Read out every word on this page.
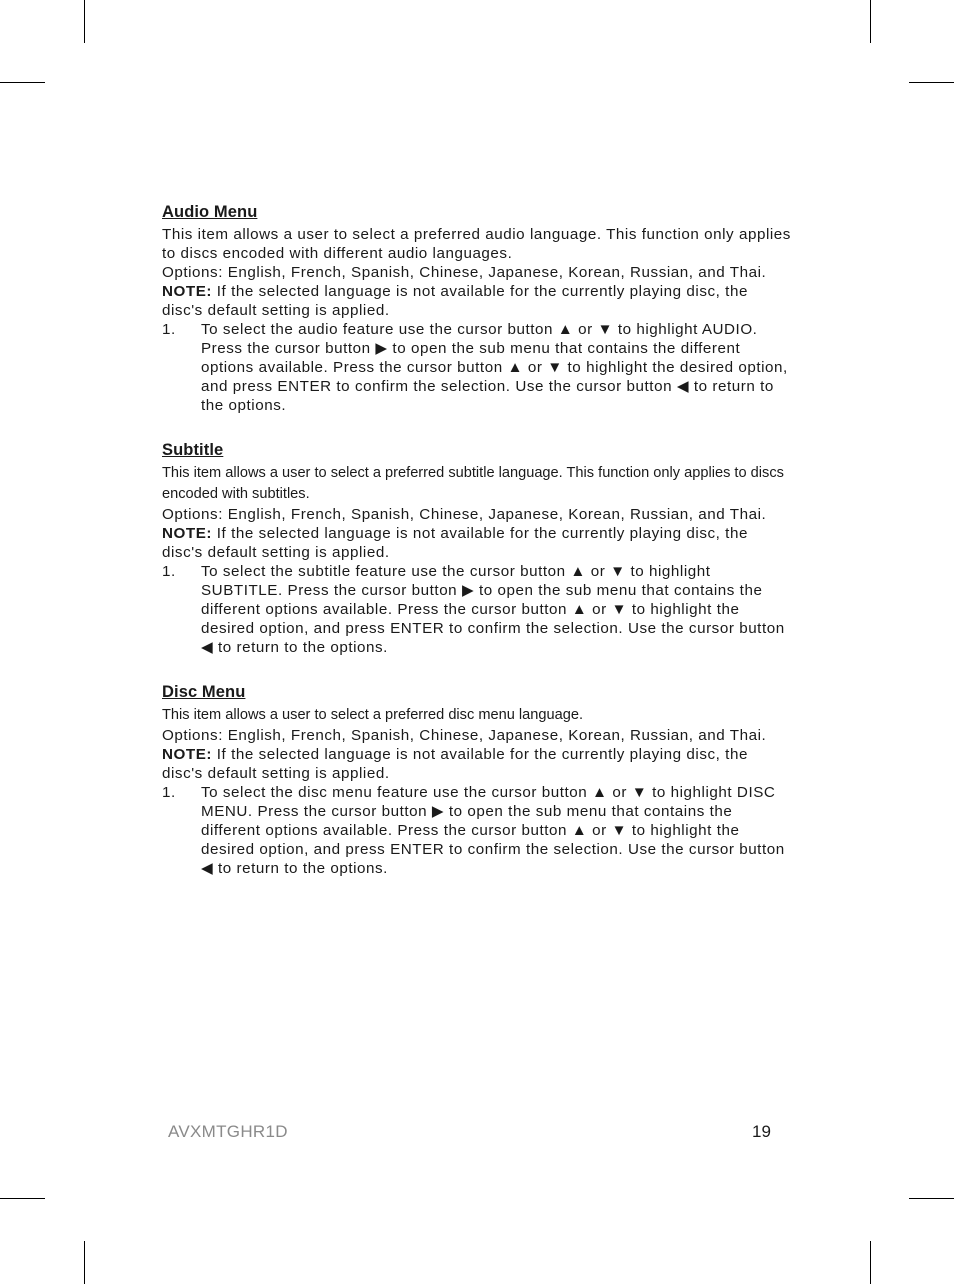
Audio Menu

This item allows a user to select a preferred audio language. This function only applies to discs encoded with different audio languages.

Options: English, French, Spanish, Chinese, Japanese, Korean, Russian, and Thai.

NOTE: If the selected language is not available for the currently playing disc, the disc's default setting is applied.

1.	To select the audio feature use the cursor button ▲ or ▼ to highlight AUDIO. Press the cursor button ▶ to open the sub menu that contains the different options available. Press the cursor button ▲ or ▼ to highlight the desired option, and press ENTER to confirm the selection. Use the cursor button ◀ to return to the options.
Subtitle

This item allows a user to select a preferred subtitle language. This function only applies to discs encoded with subtitles.

Options: English, French, Spanish, Chinese, Japanese, Korean, Russian, and Thai.

NOTE: If the selected language is not available for the currently playing disc, the disc's default setting is applied.

1.	To select the subtitle feature use the cursor button ▲ or ▼ to highlight SUBTITLE. Press the cursor button ▶ to open the sub menu that contains the different options available. Press the cursor button ▲ or ▼ to highlight the desired option, and press ENTER to confirm the selection. Use the cursor button ◀ to return to the options.
Disc Menu

This item allows a user to select a preferred disc menu language.

Options: English, French, Spanish, Chinese, Japanese, Korean, Russian, and Thai.

NOTE: If the selected language is not available for the currently playing disc, the disc's default setting is applied.

1.	To select the disc menu feature use the cursor button ▲ or ▼ to highlight DISC MENU. Press the cursor button ▶ to open the sub menu that contains the different options available. Press the cursor button ▲ or ▼ to highlight the desired option, and press ENTER to confirm the selection. Use the cursor button ◀ to return to the options.
AVXMTGHR1D	19
